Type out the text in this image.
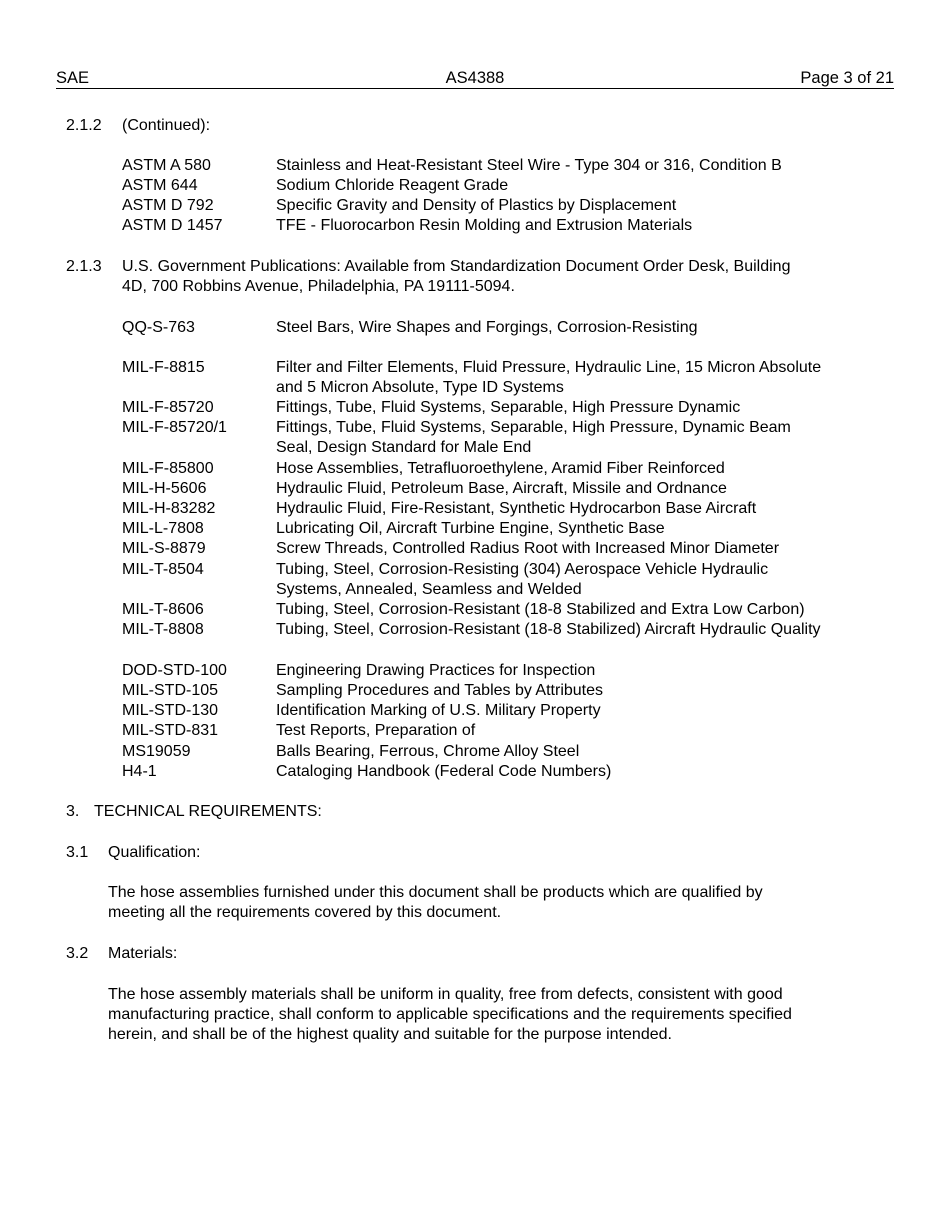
SAE	AS4388	Page 3 of 21
2.1.2 (Continued):
ASTM A 580	Stainless and Heat-Resistant Steel Wire - Type 304 or 316, Condition B
ASTM 644	Sodium Chloride Reagent Grade
ASTM D 792	Specific Gravity and Density of Plastics by Displacement
ASTM D 1457	TFE - Fluorocarbon Resin Molding and Extrusion Materials
2.1.3 U.S. Government Publications: Available from Standardization Document Order Desk, Building
4D, 700 Robbins Avenue, Philadelphia, PA 19111-5094.
QQ-S-763	Steel Bars, Wire Shapes and Forgings, Corrosion-Resisting
MIL-F-8815	Filter and Filter Elements, Fluid Pressure, Hydraulic Line, 15 Micron Absolute
and 5 Micron Absolute, Type ID Systems
MIL-F-85720	Fittings, Tube, Fluid Systems, Separable, High Pressure Dynamic
MIL-F-85720/1	Fittings, Tube, Fluid Systems, Separable, High Pressure, Dynamic Beam
Seal, Design Standard for Male End
MIL-F-85800	Hose Assemblies, Tetrafluoroethylene, Aramid Fiber Reinforced
MIL-H-5606	Hydraulic Fluid, Petroleum Base, Aircraft, Missile and Ordnance
MIL-H-83282	Hydraulic Fluid, Fire-Resistant, Synthetic Hydrocarbon Base Aircraft
MIL-L-7808	Lubricating Oil, Aircraft Turbine Engine, Synthetic Base
MIL-S-8879	Screw Threads, Controlled Radius Root with Increased Minor Diameter
MIL-T-8504	Tubing, Steel, Corrosion-Resisting (304) Aerospace Vehicle Hydraulic
Systems, Annealed, Seamless and Welded
MIL-T-8606	Tubing, Steel, Corrosion-Resistant (18-8 Stabilized and Extra Low Carbon)
MIL-T-8808	Tubing, Steel, Corrosion-Resistant (18-8 Stabilized) Aircraft Hydraulic Quality
DOD-STD-100	Engineering Drawing Practices for Inspection
MIL-STD-105	Sampling Procedures and Tables by Attributes
MIL-STD-130	Identification Marking of U.S. Military Property
MIL-STD-831	Test Reports, Preparation of
MS19059	Balls Bearing, Ferrous, Chrome Alloy Steel
H4-1	Cataloging Handbook (Federal Code Numbers)
3. TECHNICAL REQUIREMENTS:
3.1 Qualification:
The hose assemblies furnished under this document shall be products which are qualified by
meeting all the requirements covered by this document.
3.2 Materials:
The hose assembly materials shall be uniform in quality, free from defects, consistent with good
manufacturing practice, shall conform to applicable specifications and the requirements specified
herein, and shall be of the highest quality and suitable for the purpose intended.
